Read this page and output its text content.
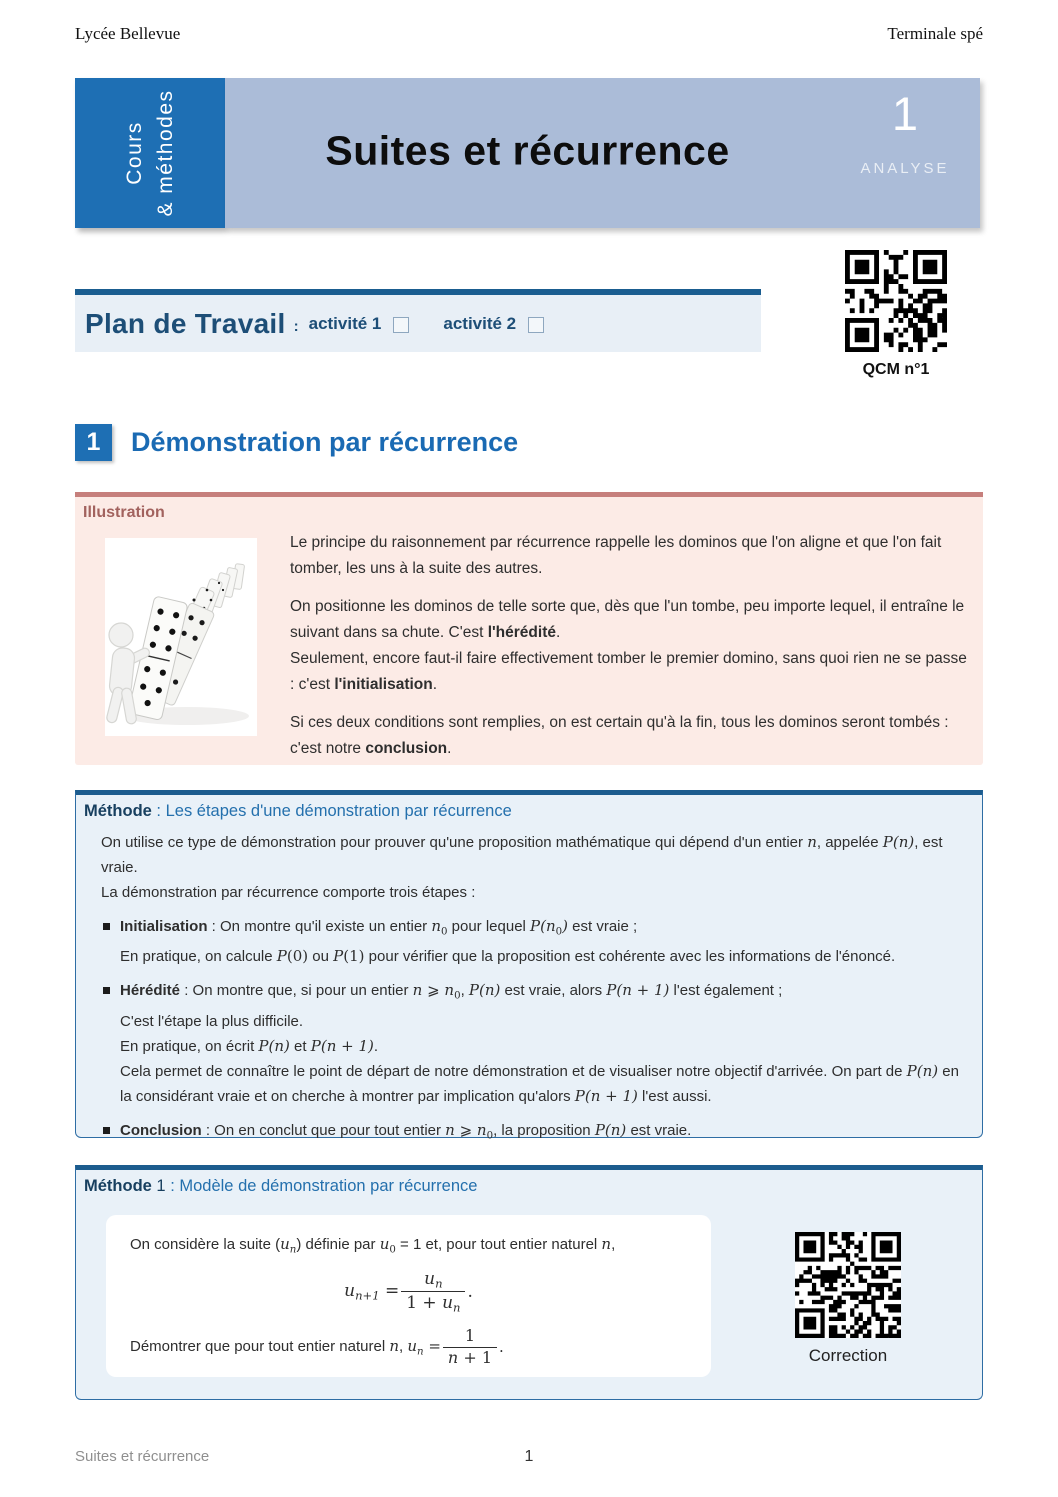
Lycée Bellevue	Terminale spé
Cours & méthodes	1
ANALYSE
Suites et récurrence
QCM n°1
Plan de Travail : activité 1	activité 2
1	Démonstration par récurrence
Illustration

Le principe du raisonnement par récurrence rappelle les dominos que l'on aligne et que l'on fait tomber, les uns à la suite des autres.

On positionne les dominos de telle sorte que, dès que l'un tombe, peu importe lequel, il entraîne le suivant dans sa chute. C'est l'hérédité.

Seulement, encore faut-il faire effectivement tomber le premier domino, sans quoi rien ne se passe : c'est l'initialisation.

Si ces deux conditions sont remplies, on est certain qu'à la fin, tous les dominos seront tombés : c'est notre conclusion.

Méthode : Les étapes d'une démonstration par récurrence
On utilise ce type de démonstration pour prouver qu'une proposition mathématique qui dépend d'un entier n, appelée P(n), est vraie.
La démonstration par récurrence comporte trois étapes :
Initialisation : On montre qu'il existe un entier $n_0$ pour lequel $P(n_0)$ est vraie ;
En pratique, on calcule P(0) ou P(1) pour vérifier que la proposition est cohérente avec les informations de l'énoncé.
Hérédité : On montre que, si pour un entier n ⩾ $n_0$, P(n) est vraie, alors P(n + 1) l'est également ;
C'est l'étape la plus difficile.
En pratique, on écrit P(n) et P(n + 1).
Cela permet de connaître le point de départ de notre démonstration et de visualiser notre objectif d'arrivée. On part de P(n) en la considérant vraie et on cherche à montrer par implication qu'alors P(n + 1) l'est aussi.
Conclusion : On en conclut que pour tout entier n ⩾ $n_0$, la proposition P(n) est vraie.
Méthode 1 : Modèle de démonstration par récurrence
On considère la suite $(u_n)$ définie par $u_0 = 1$ et, pour tout entier naturel n,
$u_{n+1} = \frac{u_n}{1 + u_n}$ .
Démontrer que pour tout entier naturel n, $u_n = \frac{1}{n + 1}$ .	Correction
1
Suites et récurrence
